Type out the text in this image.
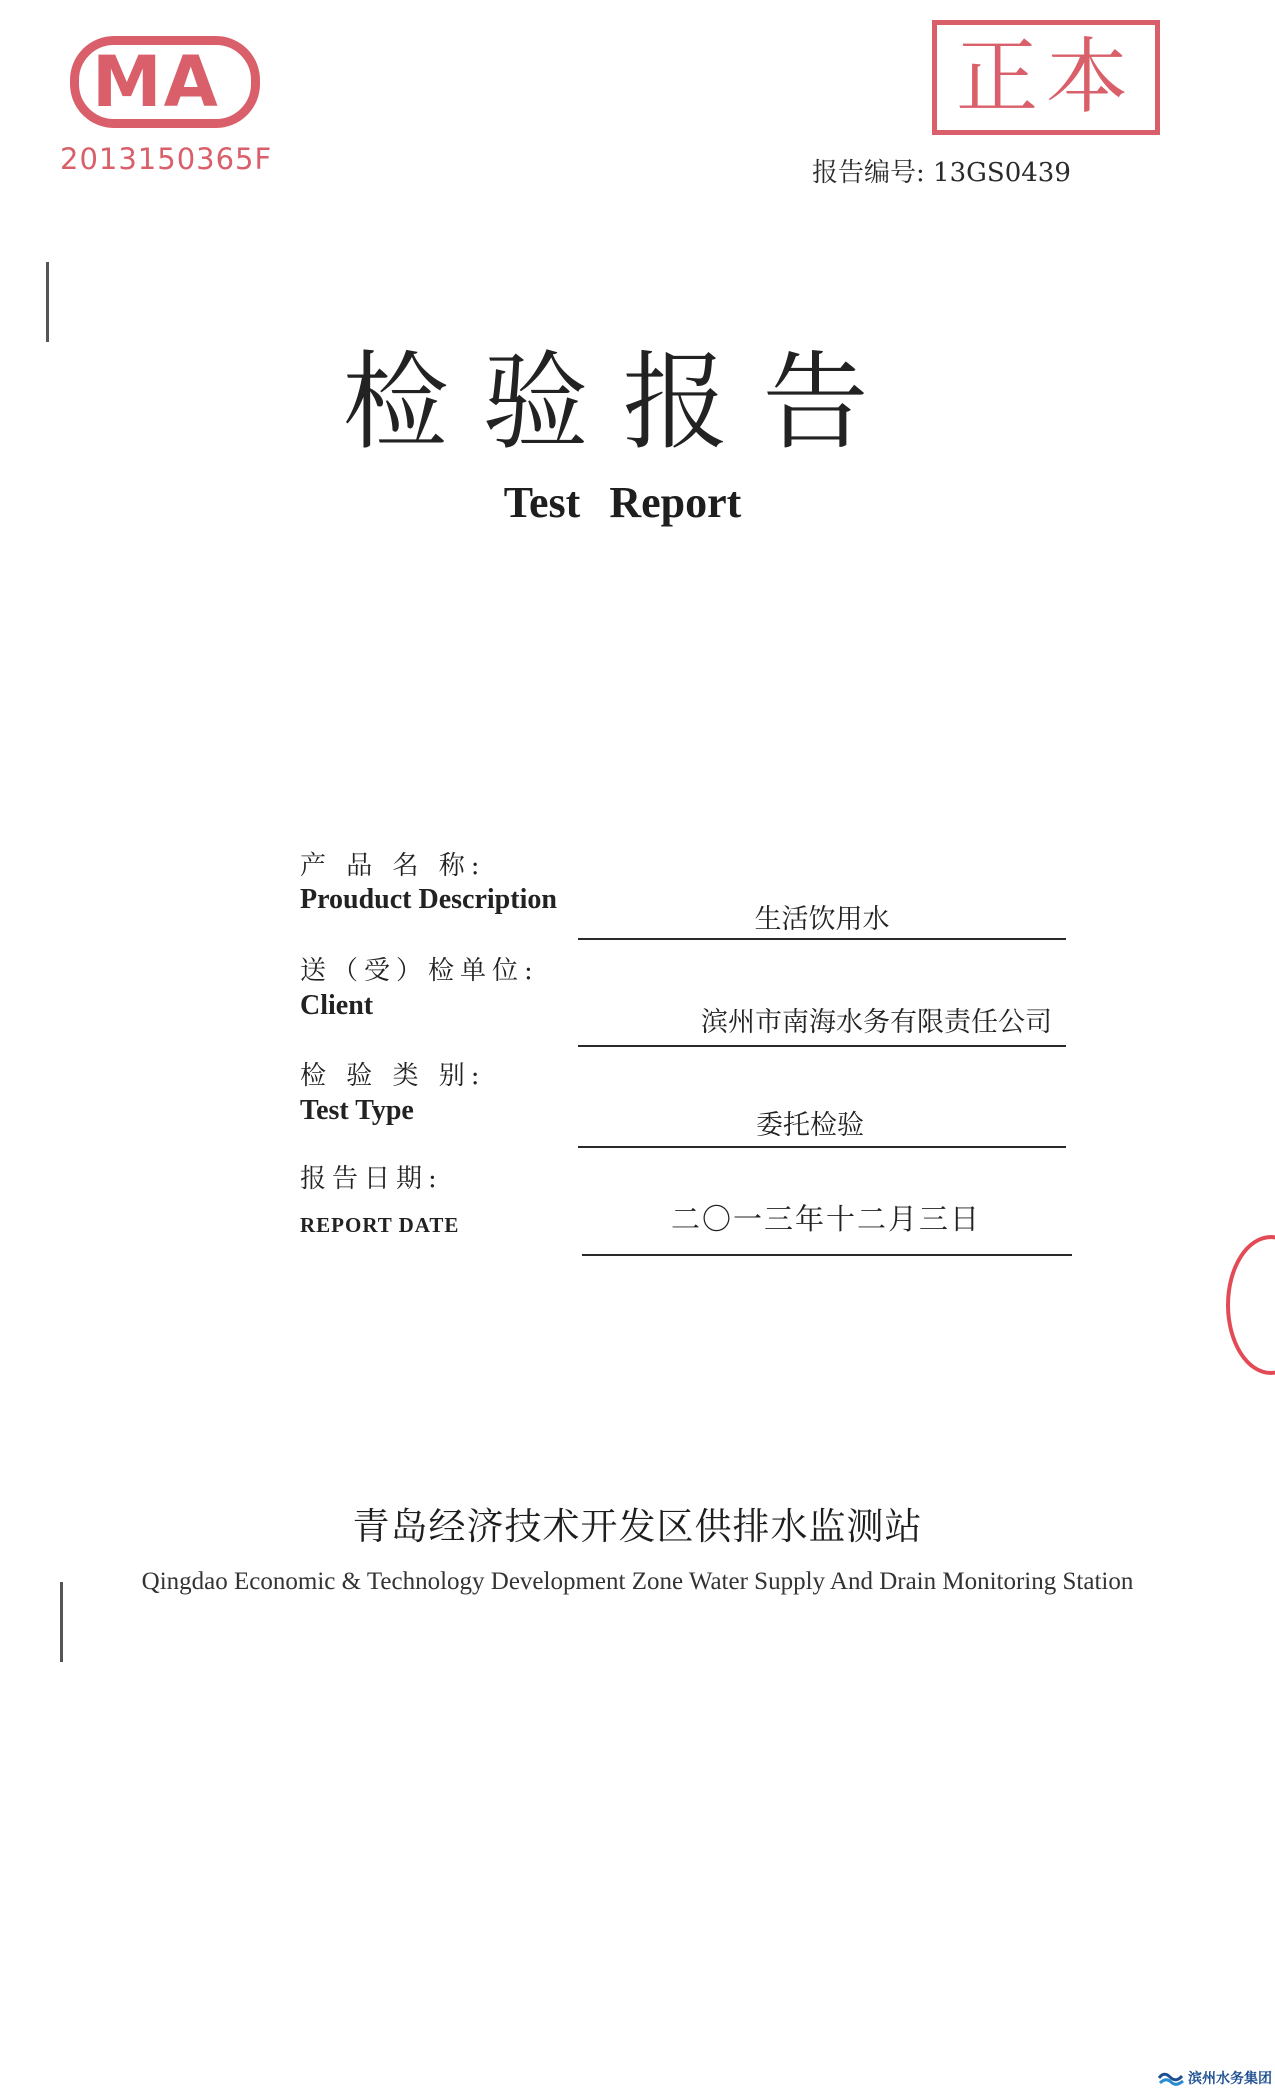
MA
2013150365F
正本
报告编号: 13GS0439
检验报告
Test Report
产 品 名 称:
Prouduct Description
生活饮用水
送（受）检单位:
Client
滨州市南海水务有限责任公司
检 验 类 别:
Test Type	委托检验
报告日期:
REPORT DATE	二〇一三年十二月三日
青岛经济技术开发区供排水监测站
Qingdao Economic & Technology Development Zone Water Supply And Drain Monitoring Station
滨州水务集团
